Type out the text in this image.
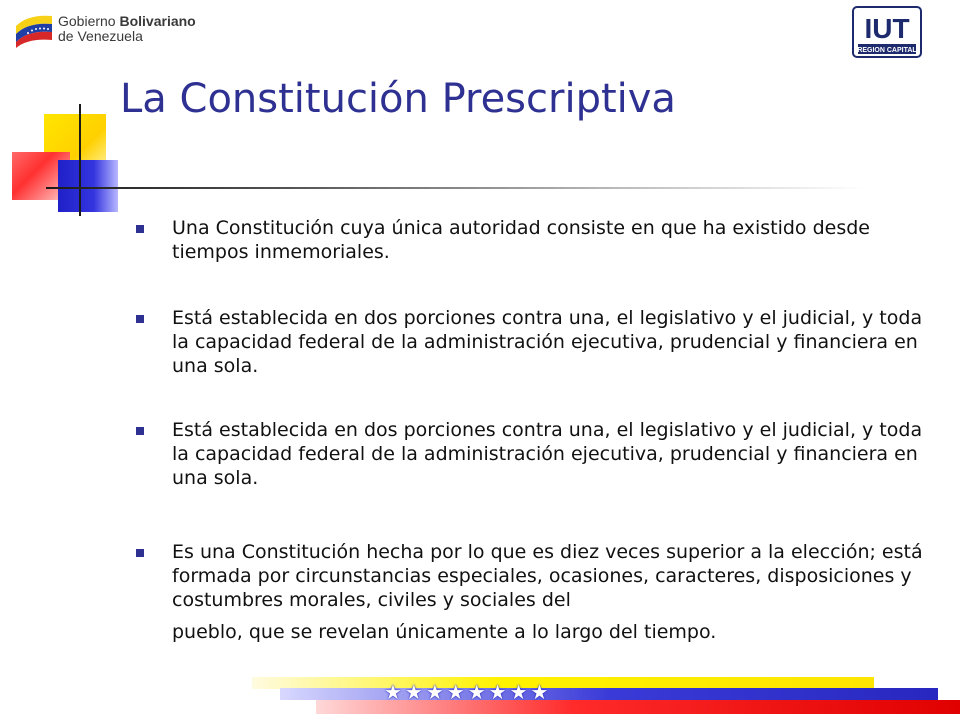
Gobierno Bolivariano
de Venezuela	IUT
REGION CAPITAL
La Constitución Prescriptiva
Una Constitución cuya única autoridad consiste en que ha existido desde tiempos inmemoriales.
Está establecida en dos porciones contra una, el legislativo y el judicial, y toda la capacidad federal de la administración ejecutiva, prudencial y financiera en una sola.
Está establecida en dos porciones contra una, el legislativo y el judicial, y toda la capacidad federal de la administración ejecutiva, prudencial y financiera en una sola.
Es una Constitución hecha por lo que es diez veces superior a la elección; está formada por circunstancias especiales, ocasiones, caracteres, disposiciones y costumbres morales, civiles y sociales del
pueblo, que se revelan únicamente a lo largo del tiempo.
★★★★★★★★
